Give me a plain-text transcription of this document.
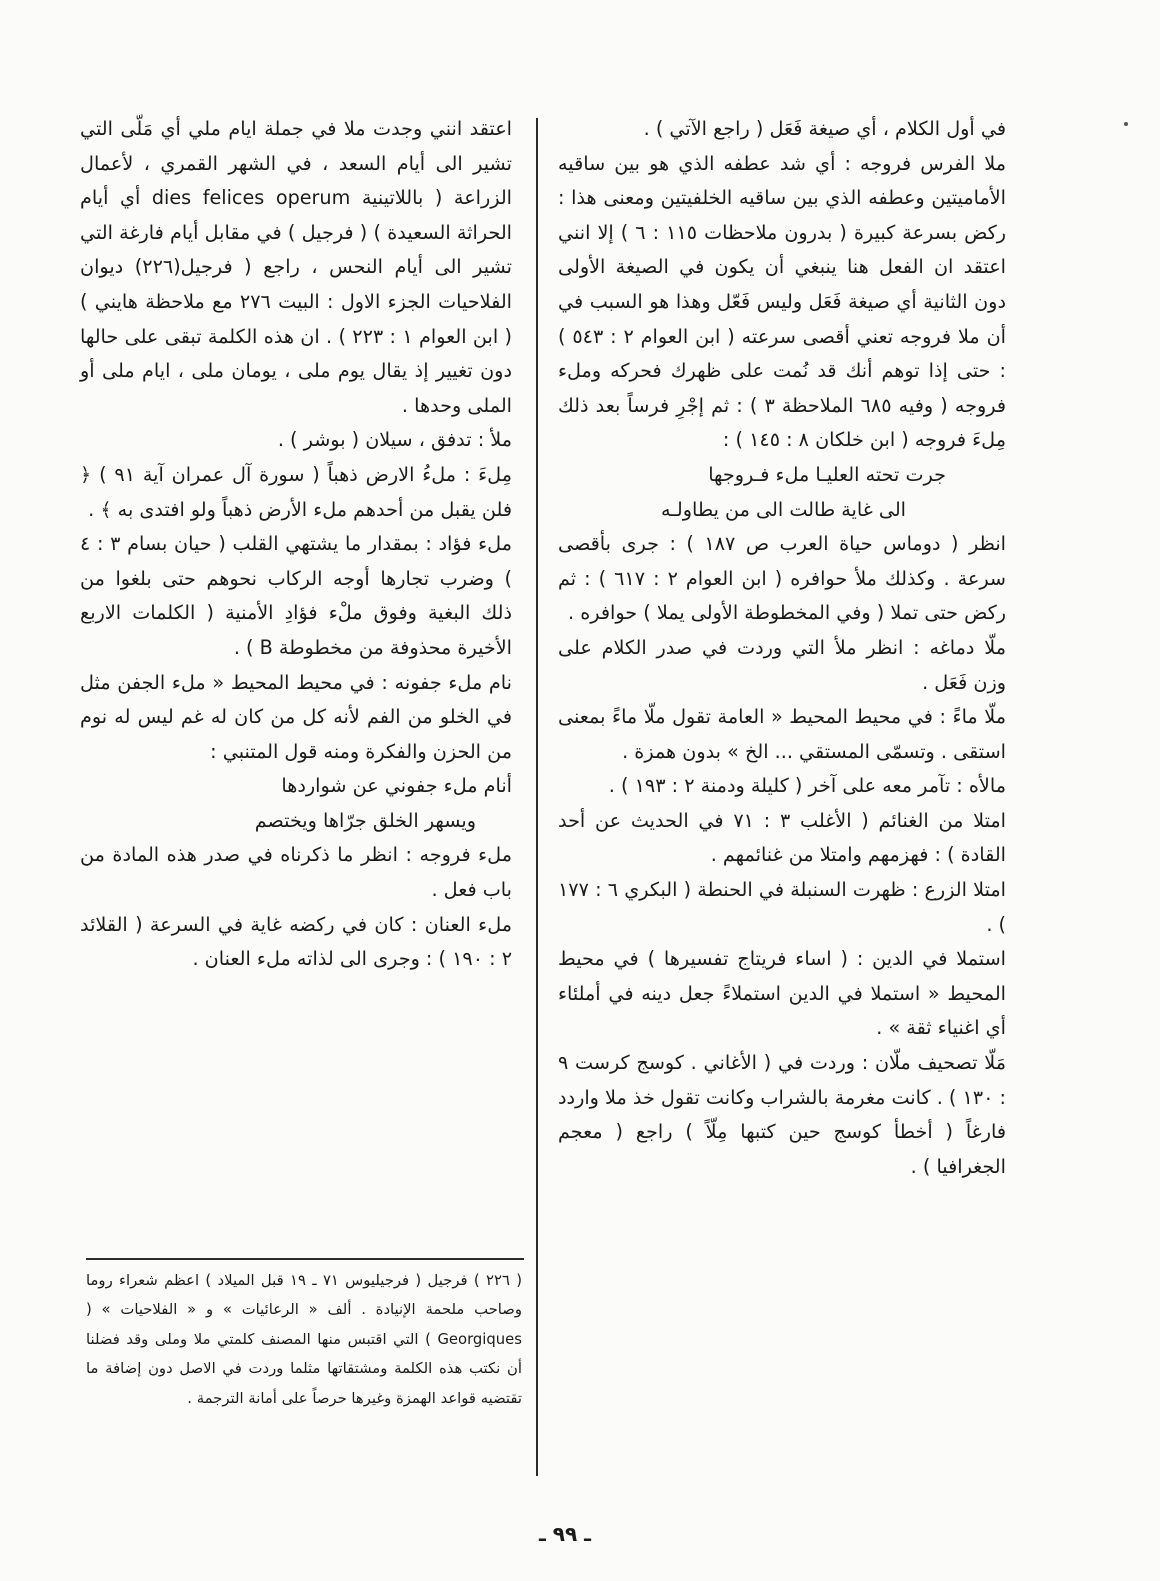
في أول الكلام ، أي صيغة فَعَل ( راجع الآتي ) .

ملا الفرس فروجه : أي شد عطفه الذي هو بين ساقيه الأماميتين وعطفه الذي بين ساقيه الخلفيتين ومعنى هذا : ركض بسرعة كبيرة ( بدرون ملاحظات ١١٥ : ٦ ) إلا انني اعتقد ان الفعل هنا ينبغي أن يكون في الصيغة الأولى دون الثانية أي صيغة فَعَل وليس فَعّل وهذا هو السبب في أن ملا فروجه تعني أقصى سرعته ( ابن العوام ٢ : ٥٤٣ ) : حتى إذا توهم أنك قد نُمت على ظهرك فحركه وملء فروجه ( وفيه ٦٨٥ الملاحظة ٣ ) : ثم إجْرِ فرساً بعد ذلك مِلءَ فروجه ( ابن خلكان ٨ : ١٤٥ ) :

جرت تحته العليـا ملء فـروجها

الى غاية طالت الى من يطاولـه

انظر ( دوماس حياة العرب ص ١٨٧ ) : جرى بأقصى سرعة . وكذلك ملأ حوافره ( ابن العوام ٢ : ٦١٧ ) : ثم ركض حتى تملا ( وفي المخطوطة الأولى يملا ) حوافره .

ملّا دماغه : انظر ملأ التي وردت في صدر الكلام على وزن فَعَل .

ملّا ماءً : في محيط المحيط « العامة تقول ملّا ماءً بمعنى استقى . وتسمّى المستقي ... الخ » بدون همزة .

مالأه : تآمر معه على آخر ( كليلة ودمنة ٢ : ١٩٣ ) .

امتلا من الغنائم ( الأغلب ٣ : ٧١ في الحديث عن أحد القادة ) : فهزمهم وامتلا من غنائمهم .

امتلا الزرع : ظهرت السنبلة في الحنطة ( البكري ٦ : ١٧٧ ) .

استملا في الدين : ( اساء فريتاج تفسيرها ) في محيط المحيط « استملا في الدين استملاءً جعل دينه في أملئاء أي اغنياء ثقة » .

مَلّا تصحيف ملّان : وردت في ( الأغاني . كوسج كرست ٩ : ١٣٠ ) . كانت مغرمة بالشراب وكانت تقول خذ ملا واردد فارغاً ( أخطأ كوسج حين كتبها مِلّاً ) راجع ( معجم الجغرافيا ) .

اعتقد انني وجدت ملا في جملة ايام ملي أي مَلّى التي تشير الى أيام السعد ، في الشهر القمري ، لأعمال الزراعة ( باللاتينية dies felices operum أي أيام الحراثة السعيدة ) ( فرجيل ) في مقابل أيام فارغة التي تشير الى أيام النحس ، راجع ( فرجيل(٢٢٦) ديوان الفلاحيات الجزء الاول : البيت ٢٧٦ مع ملاحظة هايني ) ( ابن العوام ١ : ٢٢٣ ) . ان هذه الكلمة تبقى على حالها دون تغيير إذ يقال يوم ملى ، يومان ملى ، ايام ملى أو الملى وحدها .

ملأ : تدفق ، سيلان ( بوشر ) .

مِلءَ : ملءُ الارض ذهباً ( سورة آل عمران آية ٩١ ) ﴿ فلن يقبل من أحدهم ملء الأرض ذهباً ولو افتدى به ﴾ .

ملء فؤاد : بمقدار ما يشتهي القلب ( حيان بسام ٣ : ٤ ) وضرب تجارها أوجه الركاب نحوهم حتى بلغوا من ذلك البغية وفوق ملْء فؤادِ الأمنية ( الكلمات الاربع الأخيرة محذوفة من مخطوطة B ) .

نام ملء جفونه : في محيط المحيط « ملء الجفن مثل في الخلو من الفم لأنه كل من كان له غم ليس له نوم من الحزن والفكرة ومنه قول المتنبي :

أنام ملء جفوني عن شواردها

ويسهر الخلق جرّاها ويختصم

ملء فروجه : انظر ما ذكرناه في صدر هذه المادة من باب فعل .

ملء العنان : كان في ركضه غاية في السرعة ( القلائد ٢ : ١٩٠ ) : وجرى الى لذاته ملء العنان .

( ٢٢٦ ) فرجيل ( فرجيليوس ٧١ ـ ١٩ قبل الميلاد ) اعظم شعراء روما وصاحب ملحمة الإنيادة . ألف « الرعائيات » و « الفلاحيات » ( Georgiques ) التي اقتبس منها المصنف كلمتي ملا وملى وقد فضلنا أن نكتب هذه الكلمة ومشتقاتها مثلما وردت في الاصل دون إضافة ما تقتضيه قواعد الهمزة وغيرها حرصاً على أمانة الترجمة .

ـ ٩٩ ـ
